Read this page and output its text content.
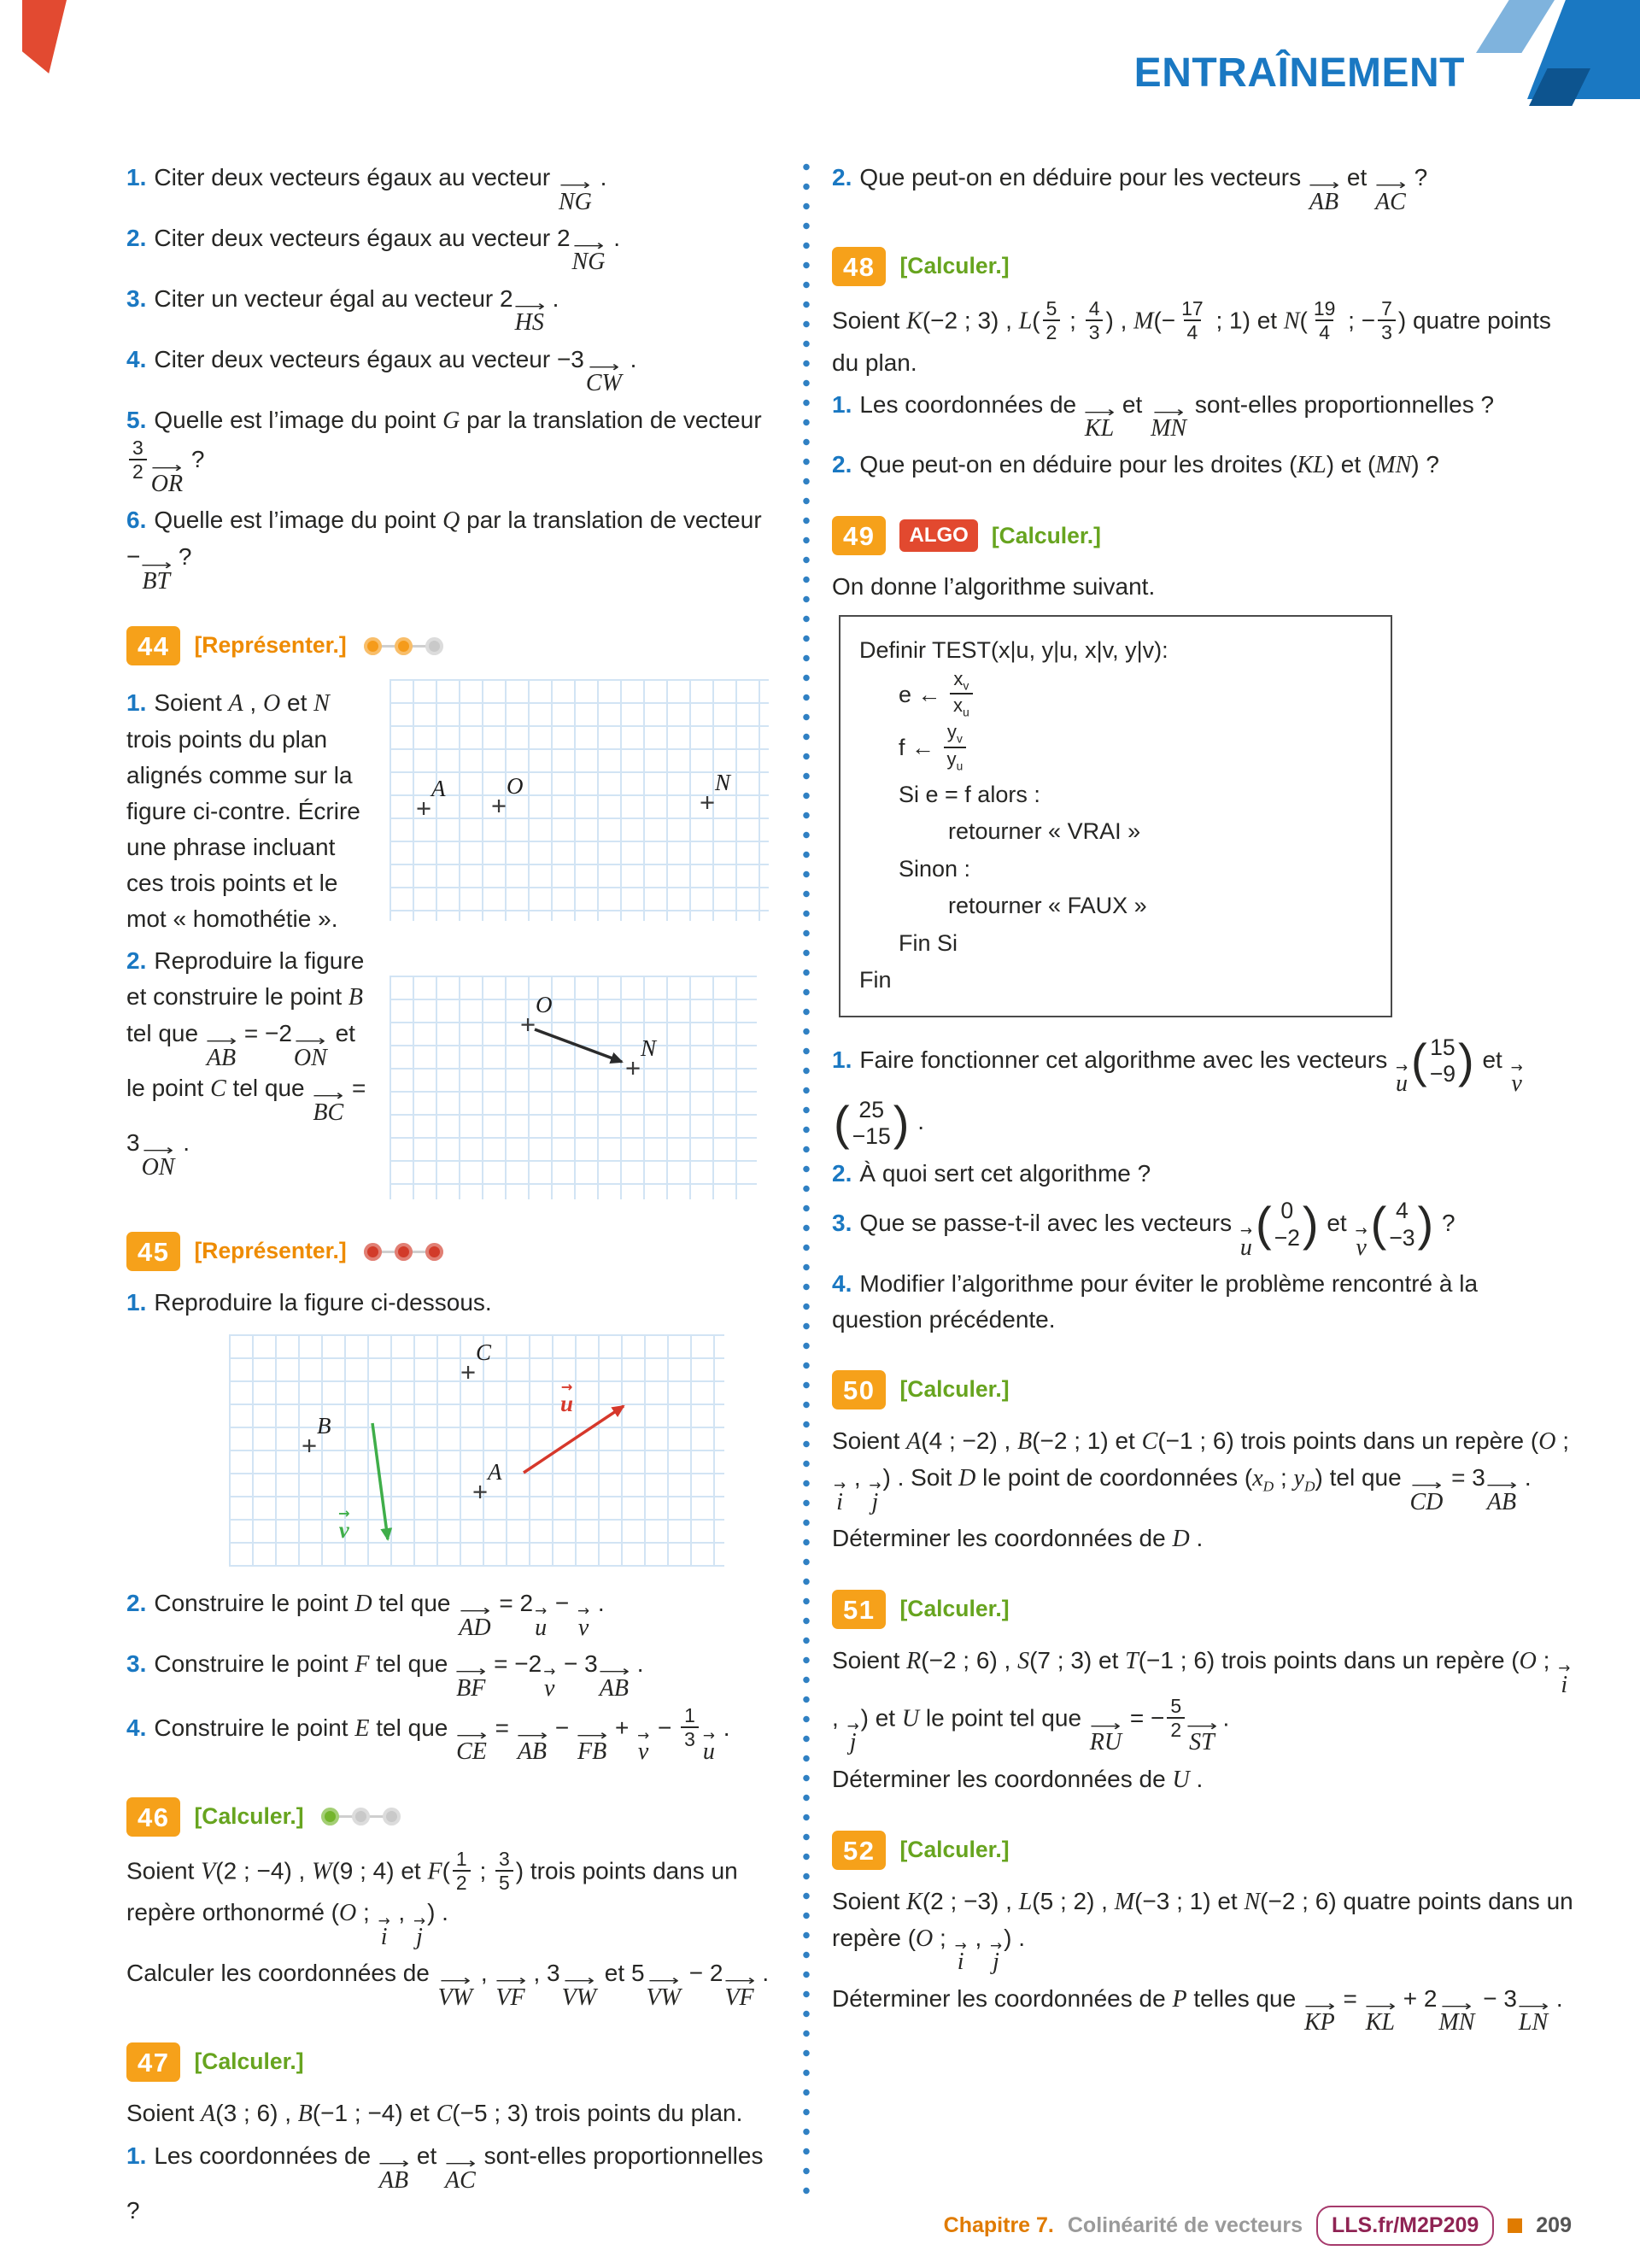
ENTRAÎNEMENT
1. Citer deux vecteurs égaux au vecteur ⟶
NG
.
2. Citer deux vecteurs égaux au vecteur 2 ⟶
NG
.
3. Citer un vecteur égal au vecteur 2 ⟶
HS
.
4. Citer deux vecteurs égaux au vecteur −3 ⟶
CW
.
5. Quelle est l’image du point G par la translation de vecteur
$\frac{3}{2}$ ⟶
OR
?
6. Quelle est l’image du point Q par la translation de vecteur − ⟶
BT
?
44	[Représenter.]
1. Soient A , O et N trois points du plan alignés comme sur la figure ci-contre. Écrire une phrase incluant ces trois points et le mot « homothétie ».
2. Reproduire la figure et construire le point B tel que ⟶
AB
= −2 ⟶
ON
et le point C tel que ⟶
BC
= 3 ⟶
ON
.
+
A
+	O
+	N
+
O
+
N
45	[Représenter.]
1. Reproduire la figure ci-dessous.
+
C
+
B
+
A
→
u
→
v
2. Construire le point D tel que ⟶
AD
= 2 →
u
− →
v
.
3. Construire le point F tel que ⟶
BF
= −2 →
v
− 3 ⟶
AB
.
4. Construire le point E tel que ⟶
CE
= ⟶
AB
− ⟶
FB
+ →
v
− $\frac{1}{3}$ →
u
.
46	[Calculer.]
Soient V(2 ; −4) , W(9 ; 4) et $F( \frac{1}{2}$ ; $\frac{3}{5}$ ) trois points dans un repère orthonormé (O ; →
i
, →
j
) .
Calculer les coordonnées de ⟶
VW
, ⟶
VF
, 3 ⟶
VW
et 5 ⟶
VW
− 2 ⟶
VF
.
47	[Calculer.]
Soient A(3 ; 6) , B(−1 ; −4) et C(−5 ; 3) trois points du plan.
1. Les coordonnées de ⟶
AB
et ⟶
AC
sont-elles proportionnelles ?
2. Que peut-on en déduire pour les vecteurs ⟶
AB
et ⟶
AC
?
48	[Calculer.]
Soient K(−2 ; 3) , $L( \frac{5}{2}$ ; $\frac{4}{3}$ ) , $M(- \frac{17}{4}$ ; 1) et $N( \frac{19}{4}$ ; − $\frac{7}{3}$ ) quatre points du plan.
1. Les coordonnées de ⟶
KL
et ⟶
MN
sont-elles proportionnelles ?
2. Que peut-on en déduire pour les droites (KL) et (MN) ?
49	ALGO	[Calculer.]
On donne l’algorithme suivant.
Definir TEST(x|u, y|u, x|v, y|v):
e ← $\frac{x_v}{x_u}$
f ← $\frac{y_v}{y_u}$
Si e = f alors :
retourner « VRAI »
Sinon :
retourner « FAUX »
Fin Si
Fin
1. Faire fonctionner cet algorithme avec les vecteurs →
u ( 15
−9 ) et →
v
( 25
−15 ) .
2. À quoi sert cet algorithme ?
3. Que se passe-t-il avec les vecteurs →
u ( 0
−2 ) et →
v ( 4
−3 ) ?
4. Modifier l’algorithme pour éviter le problème rencontré à la question précédente.
50	[Calculer.]
Soient A(4 ; −2) , B(−2 ; 1) et C(−1 ; 6) trois points dans un repère (O ;
→
i
, →
j
) . Soit D le point de coordonnées ($x_D$ ; $y_D$) tel que ⟶
CD
= 3 ⟶
AB
.
Déterminer les coordonnées de D .
51	[Calculer.]
Soient R(−2 ; 6) , S(7 ; 3) et T(−1 ; 6) trois points dans un repère (O ; →
i
, →
j
) et U le point tel que ⟶
RU
= − $\frac{5}{2}$ ⟶
ST
.
Déterminer les coordonnées de U .
52	[Calculer.]
Soient K(2 ; −3) , L(5 ; 2) , M(−3 ; 1) et N(−2 ; 6) quatre points dans un repère (O ; →
i
, →
j
) .
Déterminer les coordonnées de P telles que ⟶
KP
= ⟶
KL
+ 2 ⟶
MN
− 3 ⟶
LN
.
Chapitre 7. Colinéarité de vecteurs	LLS.fr/M2P209	209
